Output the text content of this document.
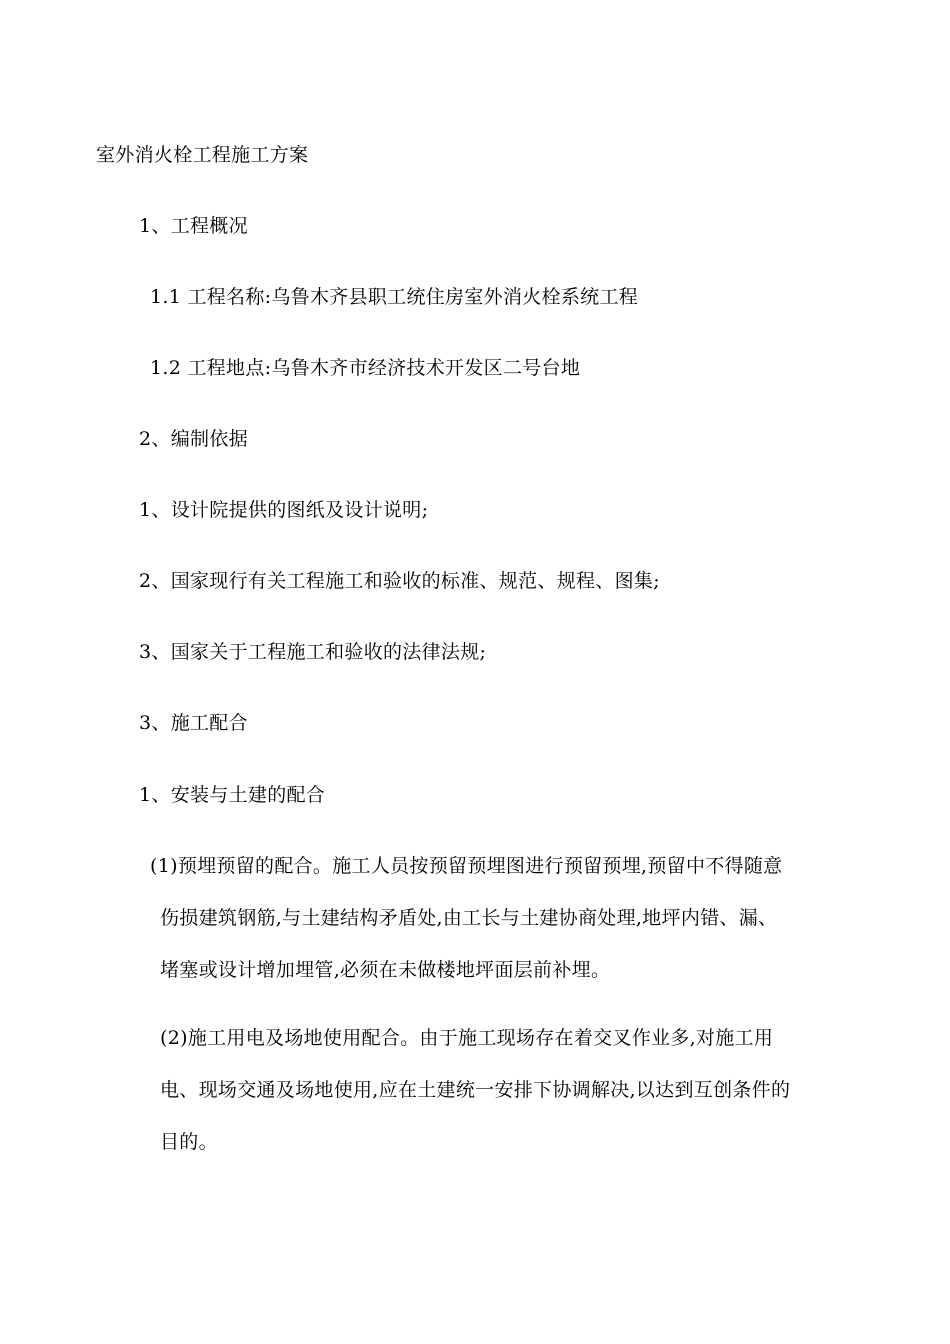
室外消火栓工程施工方案
1、工程概况
1.1 工程名称:乌鲁木齐县职工统住房室外消火栓系统工程
1.2 工程地点:乌鲁木齐市经济技术开发区二号台地
2、编制依据
1、设计院提供的图纸及设计说明;
2、国家现行有关工程施工和验收的标准、规范、规程、图集;
3、国家关于工程施工和验收的法律法规;
3、施工配合
1、安装与土建的配合
(1)预埋预留的配合。施工人员按预留预埋图进行预留预埋,预留中不得随意
伤损建筑钢筋,与土建结构矛盾处,由工长与土建协商处理,地坪内错、漏、
堵塞或设计增加埋管,必须在未做楼地坪面层前补埋。
(2)施工用电及场地使用配合。由于施工现场存在着交叉作业多,对施工用
电、现场交通及场地使用,应在土建统一安排下协调解决,以达到互创条件的
目的。
